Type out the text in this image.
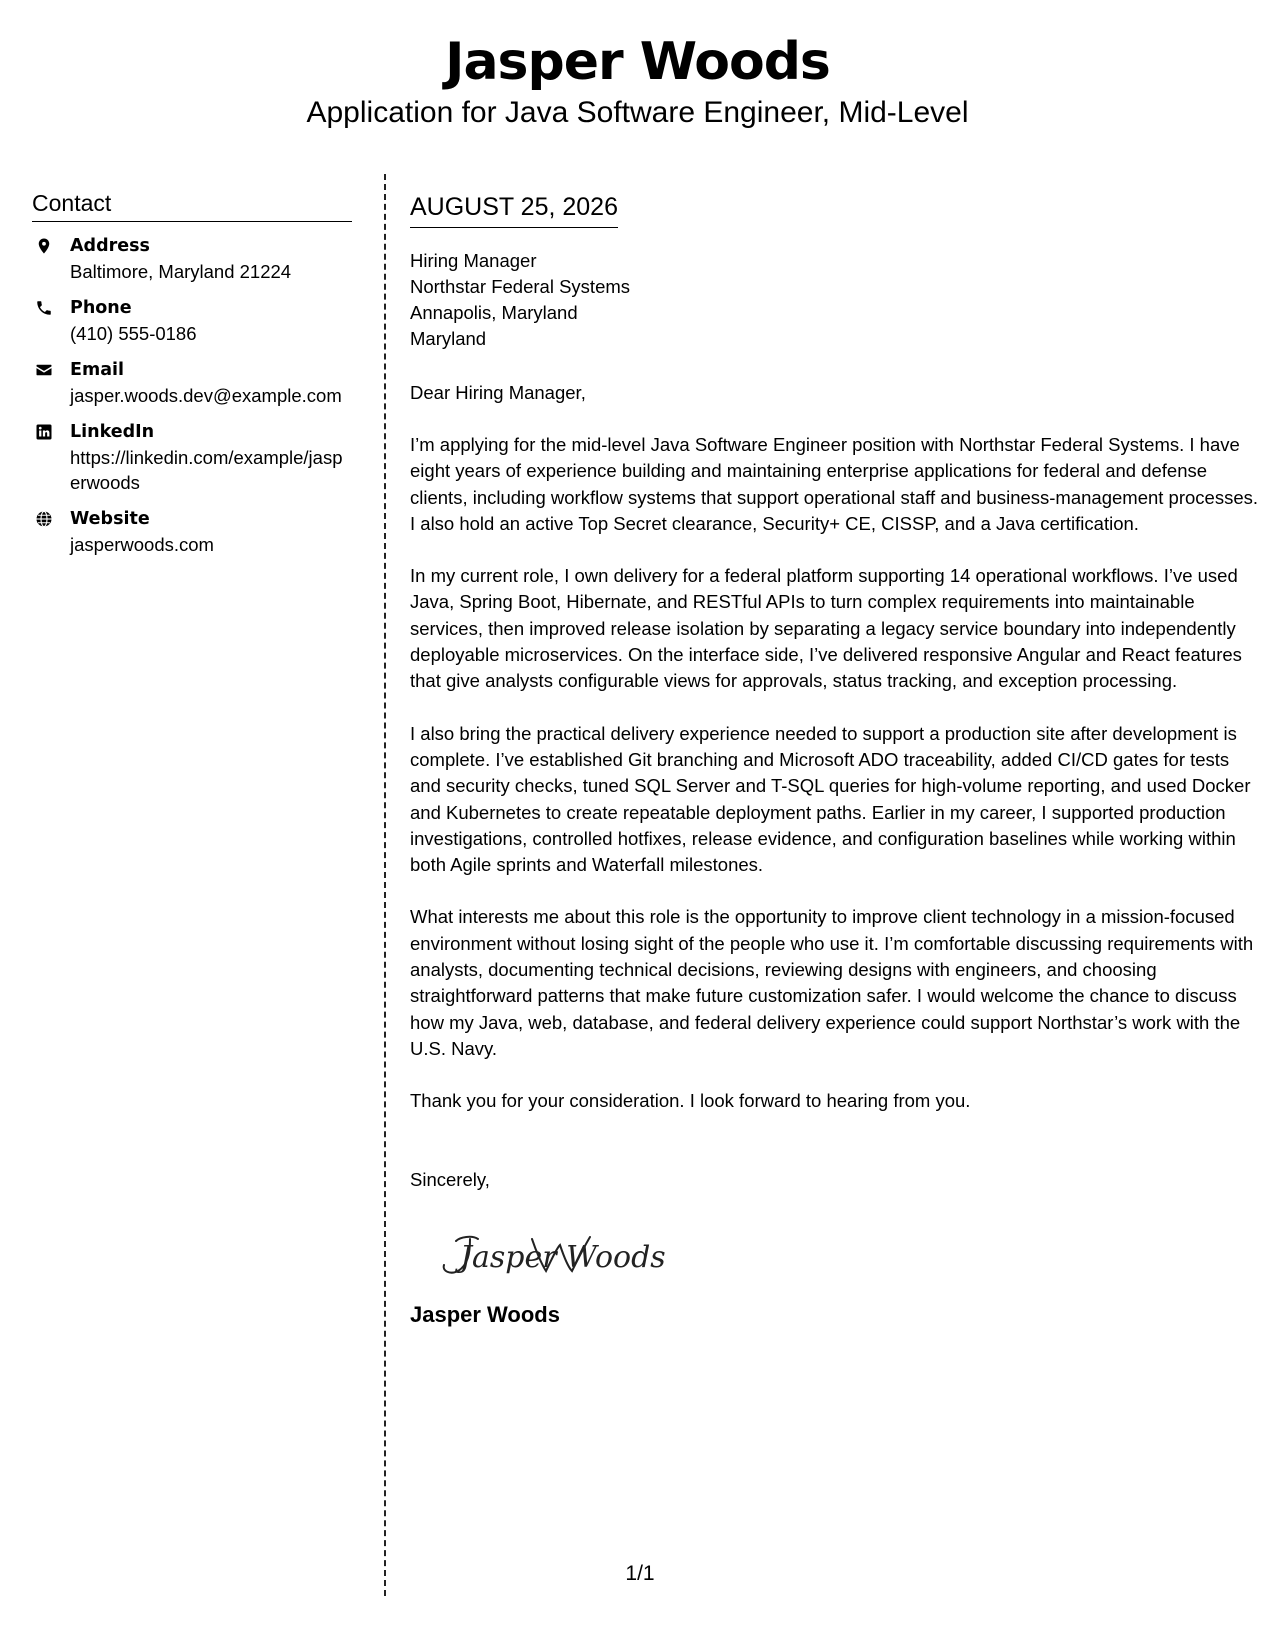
Jasper Woods
Application for Java Software Engineer, Mid-Level
Contact
Address
Baltimore, Maryland 21224
Phone
(410) 555-0186
Email
jasper.woods.dev@example.com
LinkedIn
https://linkedin.com/example/jasperwoods
Website
jasperwoods.com
AUGUST 25, 2026
Hiring Manager
Northstar Federal Systems
Annapolis, Maryland
Maryland
Dear Hiring Manager,
I’m applying for the mid-level Java Software Engineer position with Northstar Federal Systems. I have eight years of experience building and maintaining enterprise applications for federal and defense clients, including workflow systems that support operational staff and business-management processes. I also hold an active Top Secret clearance, Security+ CE, CISSP, and a Java certification.
In my current role, I own delivery for a federal platform supporting 14 operational workflows. I’ve used Java, Spring Boot, Hibernate, and RESTful APIs to turn complex requirements into maintainable services, then improved release isolation by separating a legacy service boundary into independently deployable microservices. On the interface side, I’ve delivered responsive Angular and React features that give analysts configurable views for approvals, status tracking, and exception processing.
I also bring the practical delivery experience needed to support a production site after development is complete. I’ve established Git branching and Microsoft ADO traceability, added CI/CD gates for tests and security checks, tuned SQL Server and T-SQL queries for high-volume reporting, and used Docker and Kubernetes to create repeatable deployment paths. Earlier in my career, I supported production investigations, controlled hotfixes, release evidence, and configuration baselines while working within both Agile sprints and Waterfall milestones.
What interests me about this role is the opportunity to improve client technology in a mission-focused environment without losing sight of the people who use it. I’m comfortable discussing requirements with analysts, documenting technical decisions, reviewing designs with engineers, and choosing straightforward patterns that make future customization safer. I would welcome the chance to discuss how my Java, web, database, and federal delivery experience could support Northstar’s work with the U.S. Navy.
Thank you for your consideration. I look forward to hearing from you.
Sincerely,
Jasper Woods
Jasper Woods
1/1
